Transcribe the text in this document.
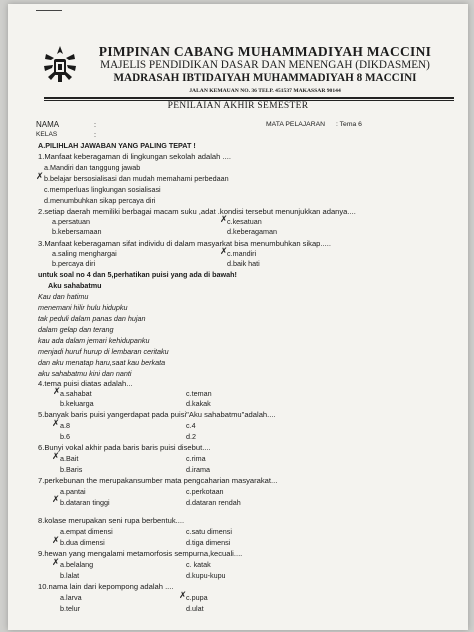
PIMPINAN CABANG MUHAMMADIYAH MACCINI
MAJELIS PENDIDIKAN DASAR DAN MENENGAH (DIKDASMEN)
MADRASAH IBTIDAIYAH MUHAMMADIYAH 8 MACCINI
JALAN KEMAUAN NO. 36 TELP. 451537 MAKASSAR 90144
PENILAIAN AKHIR SEMESTER
NAMA	:
KELAS	:
MATA PELAJARAN : Tema 6
A.PILIHLAH JAWABAN YANG PALING TEPAT !
1.Manfaat keberagaman di lingkungan sekolah adalah ....
a.Mandiri dan tanggung jawab
✗ b.belajar bersosialisasi dan mudah memahami perbedaan
c.memperluas lingkungan sosialisasi
d.menumbuhkan sikap percaya diri
2.setiap daerah memiliki berbagai macam suku ,adat .kondisi tersebut menunjukkan adanya....
a.persatuan	✗ c.kesatuan
b.kebersamaan	d.keberagaman
3.Manfaat keberagaman sifat individu di dalam masyarkat bisa menumbuhkan sikap.....
a.saling menghargai	✗ c.mandiri
b.percaya diri	d.baik hati
untuk soal no 4 dan 5,perhatikan puisi yang ada di bawah!
Aku sahabatmu
Kau dan hatimu
menemani hilir hulu hidupku
tak peduli dalam panas dan hujan
dalam gelap dan terang
kau ada dalam jemari kehidupanku
menjadi huruf hurup di lembaran ceritaku
dan aku menatap haru,saat kau berkata
aku sahabatmu kini dan nanti
4.tema puisi diatas adalah...
✗ a.sahabat	c.teman
b.keluarga	d.kakak
5.banyak baris puisi yangerdapat pada puisi"Aku sahabatmu"adalah....
✗ a.8	c.4
b.6	d.2
6.Bunyi vokal akhir pada baris baris puisi disebut....
✗ a.Bait	c.rima
b.Baris	d.irama
7.perkebunan the merupakansumber mata pengcaharian masyarakat...
a.pantai	c.perkotaan
✗ b.dataran tinggi	d.dataran rendah
8.kolase merupakan seni rupa berbentuk....
a.empat dimensi	c.satu dimensi
✗ b.dua dimensi	d.tiga dimensi
9.hewan yang mengalami metamorfosis sempurna,kecuali....
✗ a.belalang	c. katak
b.lalat	d.kupu-kupu
10.nama lain dari kepompong adalah ....
a.larva	✗ c.pupa
b.telur	d.ulat
